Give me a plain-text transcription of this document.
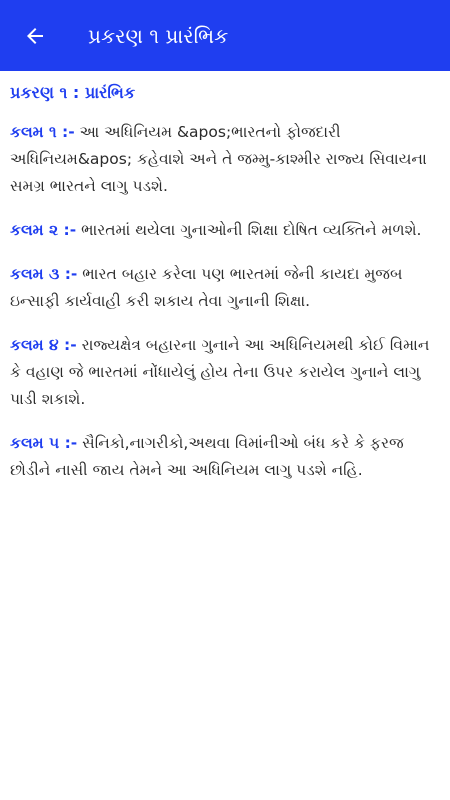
પ્રકરણ ૧ પ્રારંભિક
પ્રકરણ ૧ : પ્રારંભિક

કલમ ૧ :- આ અધિનિયમ &apos;ભારતનો ફોજદારી અધિનિયમ&apos; કહેવાશે અને તે જમ્મુ-કાશ્મીર રાજ્ય સિવાયના સમગ્ર ભારતને લાગુ પડશે.

કલમ ૨ :- ભારતમાં થયેલા ગુનાઓની શિક્ષા દોષિત વ્યક્તિને મળશે.

કલમ ૩ :- ભારત બહાર કરેલા પણ ભારતમાં જેની કાયદા મુજબ ઇન્સાફી કાર્યવાહી કરી શકાય તેવા ગુનાની શિક્ષા.

કલમ ૪ :- રાજ્યક્ષેત્ર બહારના ગુનાને આ અધિનિયમથી કોઈ વિમાન કે વહાણ જે ભારતમાં નોંધાયેલું હોય તેના ઉપર કરાયેલ ગુનાને લાગુ પાડી શકાશે.

કલમ ૫ :- સૈનિકો,નાગરીકો,અથવા વિમાંનીઓ બંધ કરે કે ફરજ છોડીને નાસી જાય તેમને આ અધિનિયમ લાગુ પડશે નહિ.
